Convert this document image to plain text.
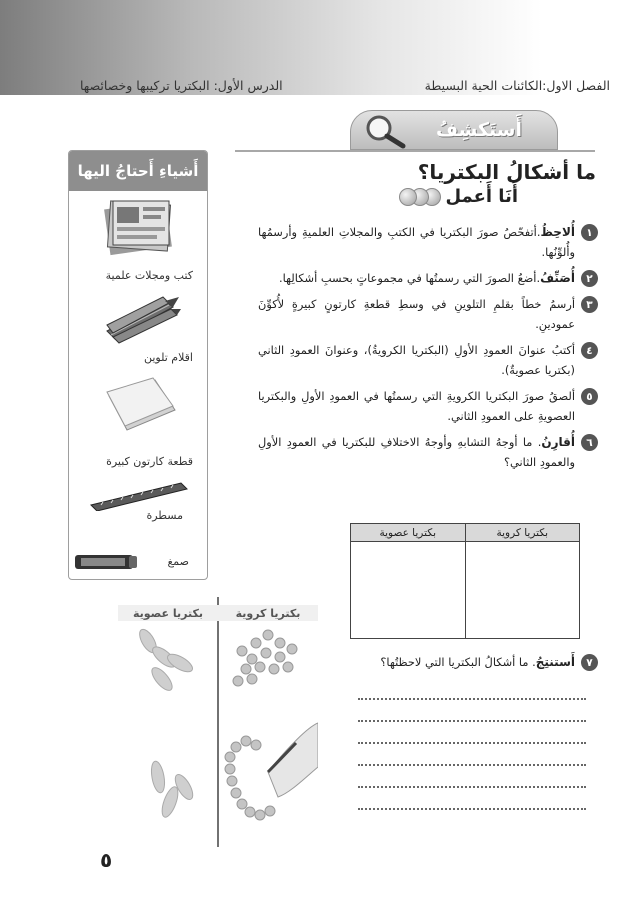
الفصل الاول:الكائنات الحية البسيطة
الدرس الأول: البكتريا تركيبها وخصائصها
أَستَكشِفُ
ما أشكالُ البكتريا؟
أَنَا أَعمل
١

أُلاحِظُ.أتفحّصُ صورَ البكتريا في الكتبِ والمجلاتِ العلميةِ وأرسمُها وأُلوِّنُها.

٢

أُصَنِّفُ.أضعُ الصورَ التي رسمتُها في مجموعاتٍ بحسبِ أشكالِها.

٣

أرسمُ خطاً بقلمِ التلوينِ في وسطِ قطعةِ كارتونٍ كبيرةٍ لأُكوِّنَ عمودينِ.

٤

أكتبُ عنوانَ العمودِ الأولِ (البكتريا الكرويةُ)، وعنوانَ العمودِ الثاني (بكتريا عصويةٌ).

٥

ألصقُ صورَ البكتريا الكرويةِ التي رسمتُها في العمودِ الأولِ والبكتريا العصويةِ على العمودِ الثاني.

٦

أُقارِنُ. ما أوجهُ التشابهِ وأوجهُ الاختلافِ للبكتريا في العمودِ الأولِ والعمودِ الثاني؟

بكتريا كروية	بكتريا عصوية

٧

أَستنتِجُ. ما أشكالُ البكتريا التي لاحظتُها؟

أَشياءِ أَحتاجُ اليها
كتب ومجلات علمية
اقلام تلوين
قطعة كارتون كبيرة
مسطرة
صمغ
بكتريا كروية
بكتريا عصوية
٥
